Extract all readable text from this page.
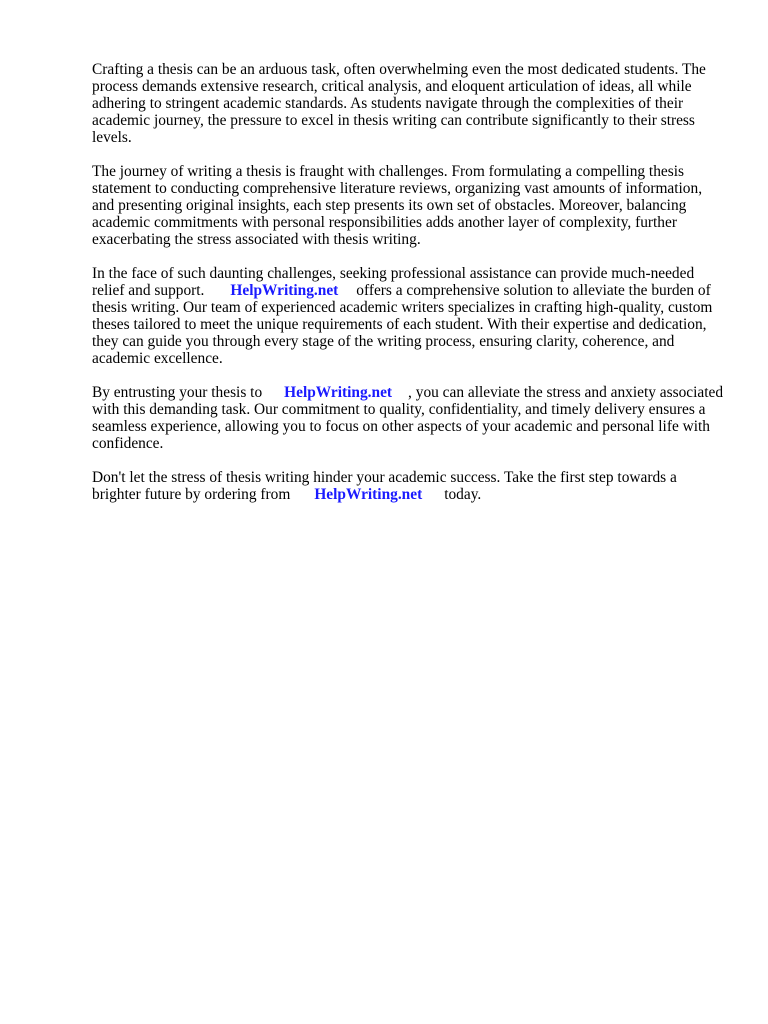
Crafting a thesis can be an arduous task, often overwhelming even the most dedicated students. The process demands extensive research, critical analysis, and eloquent articulation of ideas, all while adhering to stringent academic standards. As students navigate through the complexities of their academic journey, the pressure to excel in thesis writing can contribute significantly to their stress levels.

The journey of writing a thesis is fraught with challenges. From formulating a compelling thesis statement to conducting comprehensive literature reviews, organizing vast amounts of information, and presenting original insights, each step presents its own set of obstacles. Moreover, balancing academic commitments with personal responsibilities adds another layer of complexity, further exacerbating the stress associated with thesis writing.

In the face of such daunting challenges, seeking professional assistance can provide much-needed relief and support. HelpWriting.net offers a comprehensive solution to alleviate the burden of thesis writing. Our team of experienced academic writers specializes in crafting high-quality, custom theses tailored to meet the unique requirements of each student. With their expertise and dedication, they can guide you through every stage of the writing process, ensuring clarity, coherence, and academic excellence.

By entrusting your thesis to HelpWriting.net , you can alleviate the stress and anxiety associated with this demanding task. Our commitment to quality, confidentiality, and timely delivery ensures a seamless experience, allowing you to focus on other aspects of your academic and personal life with confidence.

Don't let the stress of thesis writing hinder your academic success. Take the first step towards a brighter future by ordering from HelpWriting.net today.
